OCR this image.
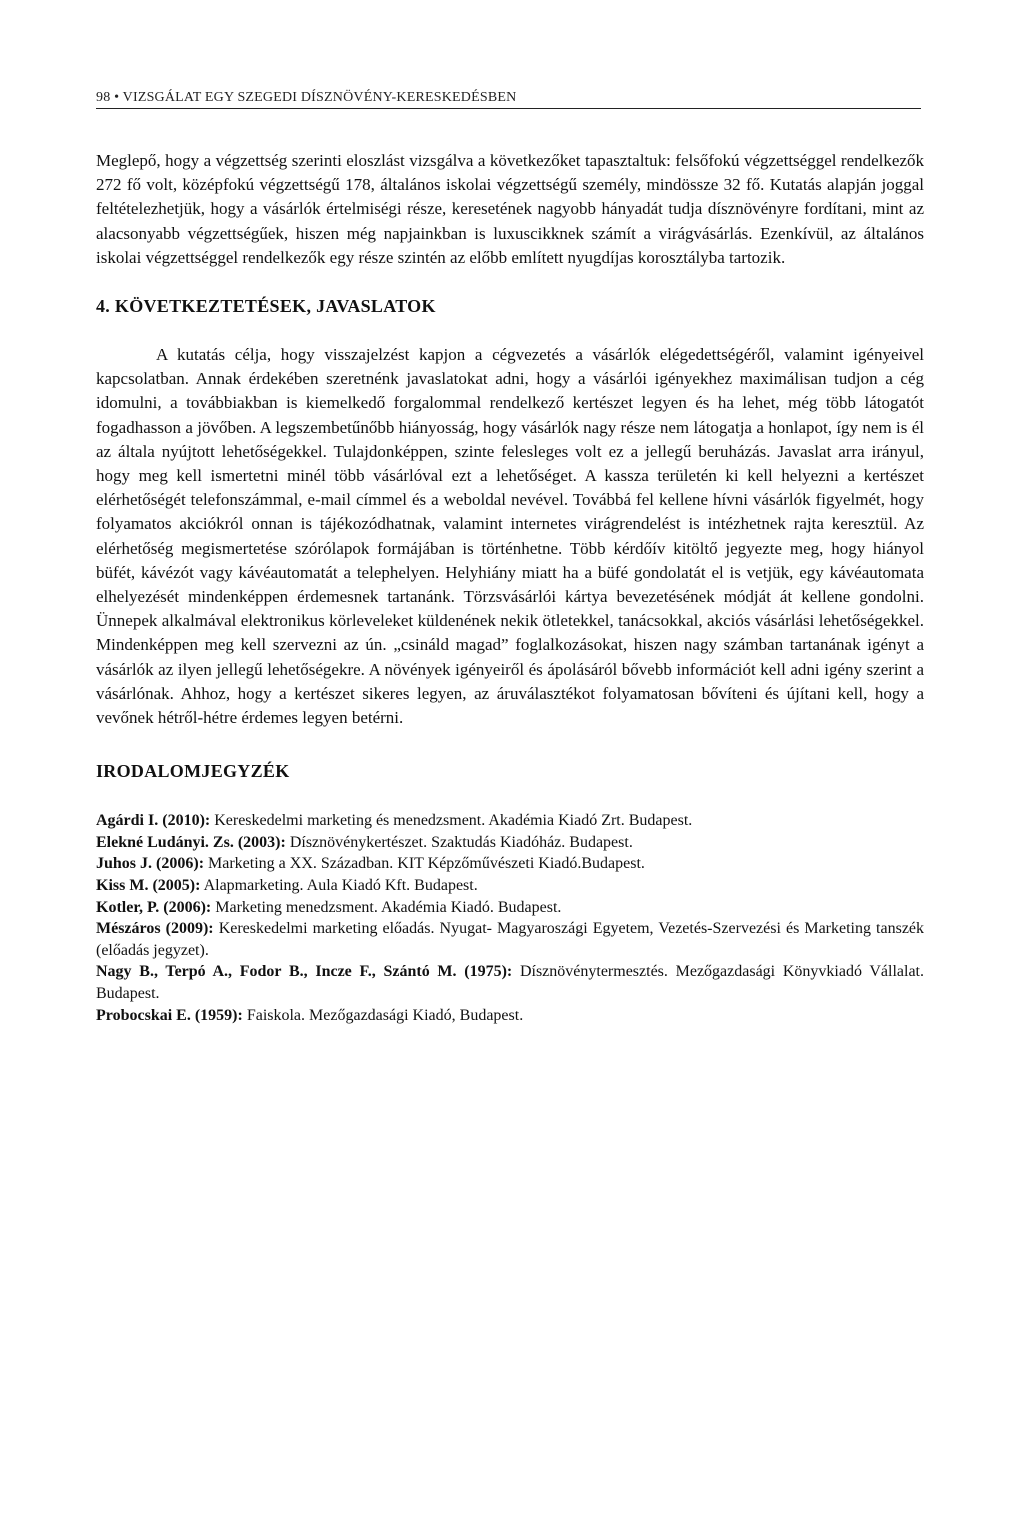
98 • VIZSGÁLAT EGY SZEGEDI DÍSZNÖVÉNY-KERESKEDÉSBEN

Meglepő, hogy a végzettség szerinti eloszlást vizsgálva a következőket tapasztaltuk: felsőfokú végzettséggel rendelkezők 272 fő volt, középfokú végzettségű 178, általános iskolai végzettségű személy, mindössze 32 fő. Kutatás alapján joggal feltételezhetjük, hogy a vásárlók értelmiségi része, keresetének nagyobb hányadát tudja dísznövényre fordítani, mint az alacsonyabb végzettségűek, hiszen még napjainkban is luxuscikknek számít a virágvásárlás. Ezenkívül, az általános iskolai végzettséggel rendelkezők egy része szintén az előbb említett nyugdíjas korosztályba tartozik.

4. KÖVETKEZTETÉSEK, JAVASLATOK

A kutatás célja, hogy visszajelzést kapjon a cégvezetés a vásárlók elégedettségéről, valamint igényeivel kapcsolatban. Annak érdekében szeretnénk javaslatokat adni, hogy a vásárlói igényekhez maximálisan tudjon a cég idomulni, a továbbiakban is kiemelkedő forgalommal rendelkező kertészet legyen és ha lehet, még több látogatót fogadhasson a jövőben. A legszembetűnőbb hiányosság, hogy vásárlók nagy része nem látogatja a honlapot, így nem is él az általa nyújtott lehetőségekkel. Tulajdonképpen, szinte felesleges volt ez a jellegű beruházás. Javaslat arra irányul, hogy meg kell ismertetni minél több vásárlóval ezt a lehetőséget. A kassza területén ki kell helyezni a kertészet elérhetőségét telefonszámmal, e-mail címmel és a weboldal nevével. Továbbá fel kellene hívni vásárlók figyelmét, hogy folyamatos akciókról onnan is tájékozódhatnak, valamint internetes virágrendelést is intézhetnek rajta keresztül. Az elérhetőség megismertetése szórólapok formájában is történhetne. Több kérdőív kitöltő jegyezte meg, hogy hiányol büfét, kávézót vagy kávéautomatát a telephelyen. Helyhiány miatt ha a büfé gondolatát el is vetjük, egy kávéautomata elhelyezését mindenképpen érdemesnek tartanánk. Törzsvásárlói kártya bevezetésének módját át kellene gondolni. Ünnepek alkalmával elektronikus körleveleket küldenének nekik ötletekkel, tanácsokkal, akciós vásárlási lehetőségekkel. Mindenképpen meg kell szervezni az ún. „csináld magad” foglalkozásokat, hiszen nagy számban tartanának igényt a vásárlók az ilyen jellegű lehetőségekre. A növények igényeiről és ápolásáról bővebb információt kell adni igény szerint a vásárlónak. Ahhoz, hogy a kertészet sikeres legyen, az áruválasztékot folyamatosan bővíteni és újítani kell, hogy a vevőnek hétről-hétre érdemes legyen betérni.

IRODALOMJEGYZÉK
Agárdi I. (2010): Kereskedelmi marketing és menedzsment. Akadémia Kiadó Zrt. Budapest.
Elekné Ludányi. Zs. (2003): Dísznövénykertészet. Szaktudás Kiadóház. Budapest.
Juhos J. (2006): Marketing a XX. Században. KIT Képzőművészeti Kiadó.Budapest.
Kiss M. (2005): Alapmarketing. Aula Kiadó Kft. Budapest.
Kotler, P. (2006): Marketing menedzsment. Akadémia Kiadó. Budapest.
Mészáros (2009): Kereskedelmi marketing előadás. Nyugat- Magyaroszági Egyetem, Vezetés-Szervezési és Marketing tanszék (előadás jegyzet).
Nagy B., Terpó A., Fodor B., Incze F., Szántó M. (1975): Dísznövénytermesztés. Mezőgazdasági Könyvkiadó Vállalat. Budapest.
Probocskai E. (1959): Faiskola. Mezőgazdasági Kiadó, Budapest.
